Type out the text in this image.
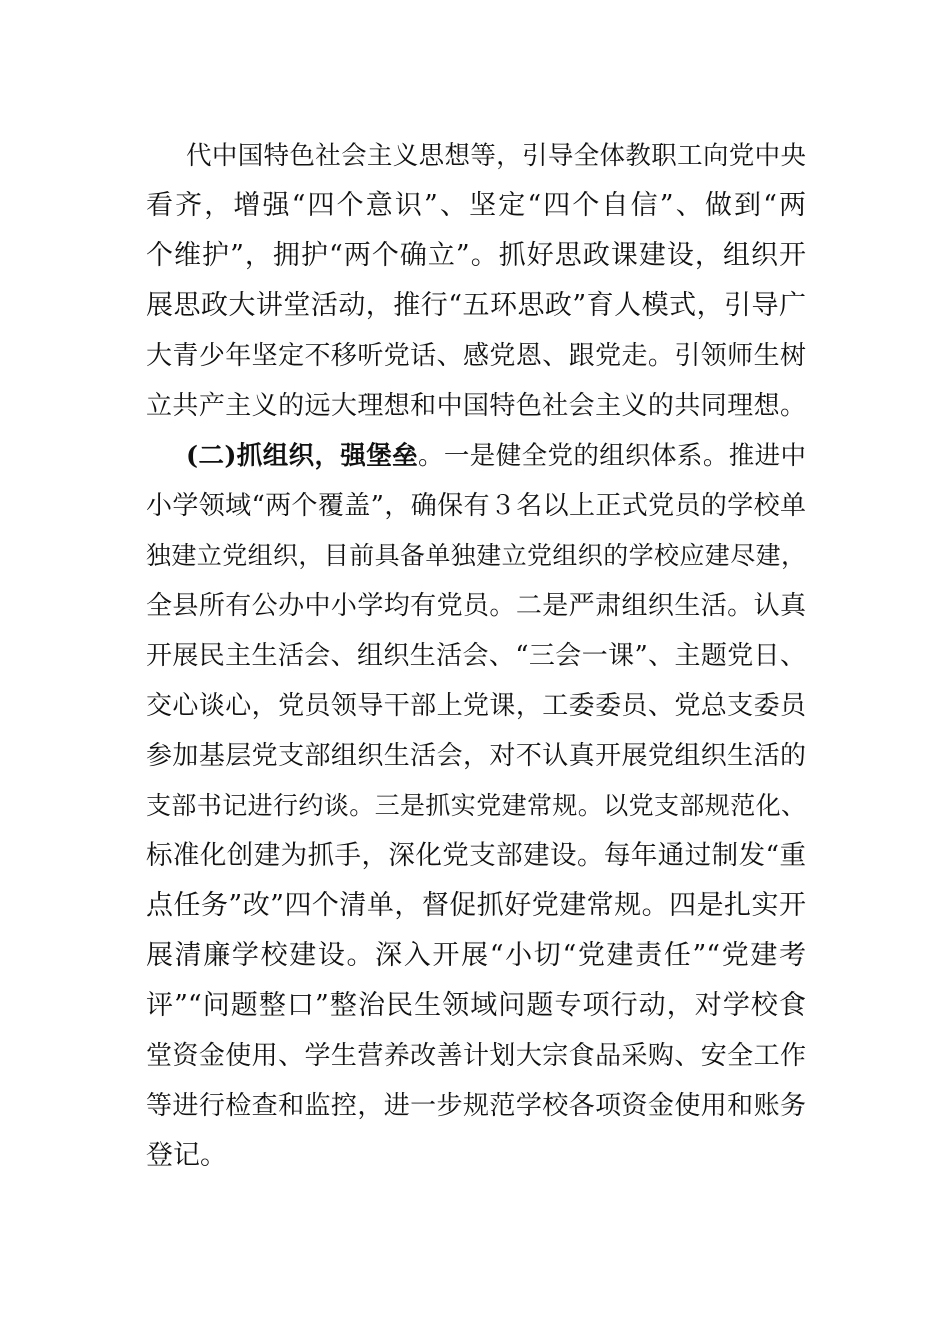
代中国特色社会主义思想等，引导全体教职工向党中央
看齐，增强“四个意识”、坚定“四个自信”、做到“两
个维护”，拥护“两个确立”。抓好思政课建设，组织开
展思政大讲堂活动，推行“五环思政”育人模式，引导广
大青少年坚定不移听党话、感党恩、跟党走。引领师生树
立共产主义的远大理想和中国特色社会主义的共同理想。
(二)抓组织，强堡垒。一是健全党的组织体系。推进中
小学领域“两个覆盖”，确保有３名以上正式党员的学校单
独建立党组织，目前具备单独建立党组织的学校应建尽建，
全县所有公办中小学均有党员。二是严肃组织生活。认真
开展民主生活会、组织生活会、“三会一课”、主题党日、
交心谈心，党员领导干部上党课，工委委员、党总支委员
参加基层党支部组织生活会，对不认真开展党组织生活的
支部书记进行约谈。三是抓实党建常规。以党支部规范化、
标准化创建为抓手，深化党支部建设。每年通过制发“重
点任务”改”四个清单，督促抓好党建常规。四是扎实开
展清廉学校建设。深入开展“小切“党建责任”“党建考
评”“问题整口”整治民生领域问题专项行动，对学校食
堂资金使用、学生营养改善计划大宗食品采购、安全工作
等进行检查和监控，进一步规范学校各项资金使用和账务
登记。
